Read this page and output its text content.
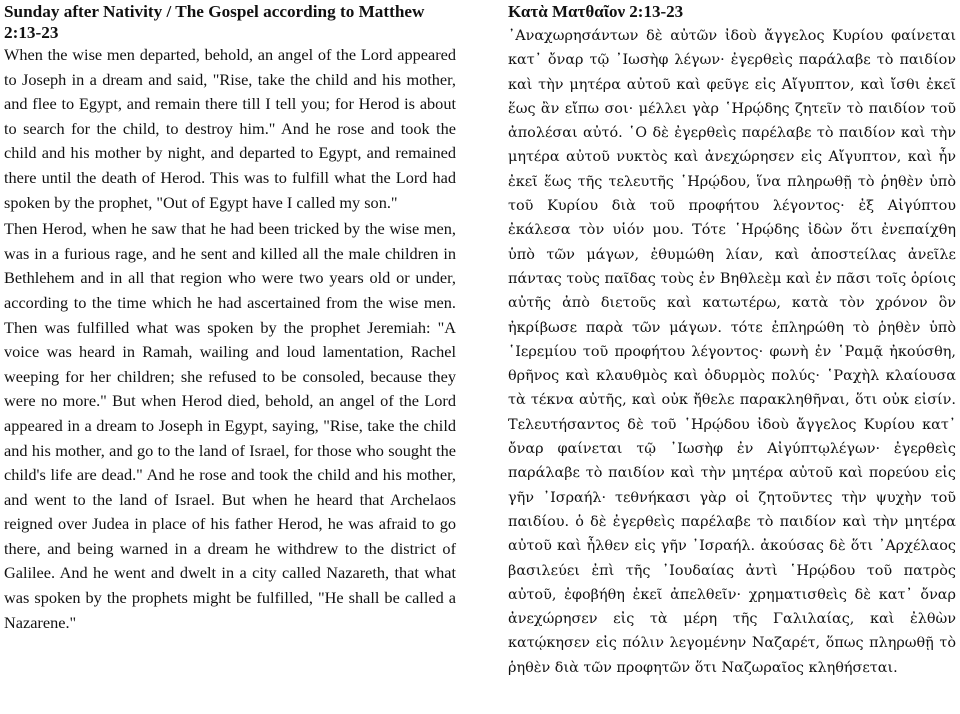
Sunday after Nativity / The Gospel according to Matthew 2:13-23

When the wise men departed, behold, an angel of the Lord appeared to Joseph in a dream and said, "Rise, take the child and his mother, and flee to Egypt, and remain there till I tell you; for Herod is about to search for the child, to destroy him." And he rose and took the child and his mother by night, and departed to Egypt, and remained there until the death of Herod. This was to fulfill what the Lord had spoken by the prophet, "Out of Egypt have I called my son."

Then Herod, when he saw that he had been tricked by the wise men, was in a furious rage, and he sent and killed all the male children in Bethlehem and in all that region who were two years old or under, according to the time which he had ascertained from the wise men. Then was fulfilled what was spoken by the prophet Jeremiah: "A voice was heard in Ramah, wailing and loud lamentation, Rachel weeping for her children; she refused to be consoled, because they were no more." But when Herod died, behold, an angel of the Lord appeared in a dream to Joseph in Egypt, saying, "Rise, take the child and his mother, and go to the land of Israel, for those who sought the child's life are dead." And he rose and took the child and his mother, and went to the land of Israel. But when he heard that Archelaos reigned over Judea in place of his father Herod, he was afraid to go there, and being warned in a dream he withdrew to the district of Galilee. And he went and dwelt in a city called Nazareth, that what was spoken by the prophets might be fulfilled, "He shall be called a Nazarene."

Κατὰ Ματθαῖον 2:13-23

᾿Αναχωρησάντων δὲ αὐτῶν ἰδοὺ ἄγγελος Κυρίου φαίνεται κατ᾿ ὄναρ τῷ ᾿Ιωσὴφ λέγων· ἐγερθεὶς παράλαβε τὸ παιδίον καὶ τὴν μητέρα αὐτοῦ καὶ φεῦγε εἰς Αἴγυπτον, καὶ ἴσθι ἐκεῖ ἕως ἂν εἴπω σοι· μέλλει γὰρ ῾Ηρῴδης ζητεῖν τὸ παιδίον τοῦ ἀπολέσαι αὐτό. ῾Ο δὲ ἐγερθεὶς παρέλαβε τὸ παιδίον καὶ τὴν μητέρα αὐτοῦ νυκτὸς καὶ ἀνεχώρησεν εἰς Αἴγυπτον, καὶ ἦν ἐκεῖ ἕως τῆς τελευτῆς ῾Ηρῴδου, ἵνα πληρωθῇ τὸ ῥηθὲν ὑπὸ τοῦ Κυρίου διὰ τοῦ προφήτου λέγοντος· ἐξ Αἰγύπτου ἐκάλεσα τὸν υἱόν μου. Τότε ῾Ηρῴδης ἰδὼν ὅτι ἐνεπαίχθη ὑπὸ τῶν μάγων, ἐθυμώθη λίαν, καὶ ἀποστείλας ἀνεῖλε πάντας τοὺς παῖδας τοὺς ἐν Βηθλεὲμ καὶ ἐν πᾶσι τοῖς ὁρίοις αὐτῆς ἀπὸ διετοῦς καὶ κατωτέρω, κατὰ τὸν χρόνον ὃν ἠκρίβωσε παρὰ τῶν μάγων. τότε ἐπληρώθη τὸ ῥηθὲν ὑπὸ ῾Ιερεμίου τοῦ προφήτου λέγοντος· φωνὴ ἐν ῾Ραμᾷ ἠκούσθη, θρῆνος καὶ κλαυθμὸς καὶ ὀδυρμὸς πολύς· ῾Ραχὴλ κλαίουσα τὰ τέκνα αὐτῆς, καὶ οὐκ ἤθελε παρακληθῆναι, ὅτι οὐκ εἰσίν. Τελευτήσαντος δὲ τοῦ ῾Ηρῴδου ἰδοὺ ἄγγελος Κυρίου κατ᾿ ὄναρ φαίνεται τῷ ᾿Ιωσὴφ ἐν Αἰγύπτῳλέγων· ἐγερθεὶς παράλαβε τὸ παιδίον καὶ τὴν μητέρα αὐτοῦ καὶ πορεύου εἰς γῆν ᾿Ισραήλ· τεθνήκασι γὰρ οἱ ζητοῦντες τὴν ψυχὴν τοῦ παιδίου. ὁ δὲ ἐγερθεὶς παρέλαβε τὸ παιδίον καὶ τὴν μητέρα αὐτοῦ καὶ ἦλθεν εἰς γῆν ᾿Ισραήλ. ἀκούσας δὲ ὅτι ᾿Αρχέλαος βασιλεύει ἐπὶ τῆς ᾿Ιουδαίας ἀντὶ ῾Ηρῴδου τοῦ πατρὸς αὐτοῦ, ἐφοβήθη ἐκεῖ ἀπελθεῖν· χρηματισθεὶς δὲ κατ᾿ ὄναρ ἀνεχώρησεν εἰς τὰ μέρη τῆς Γαλιλαίας, καὶ ἐλθὼν κατῴκησεν εἰς πόλιν λεγομένην Ναζαρέτ, ὅπως πληρωθῇ τὸ ῥηθὲν διὰ τῶν προφητῶν ὅτι Ναζωραῖος κληθήσεται.
